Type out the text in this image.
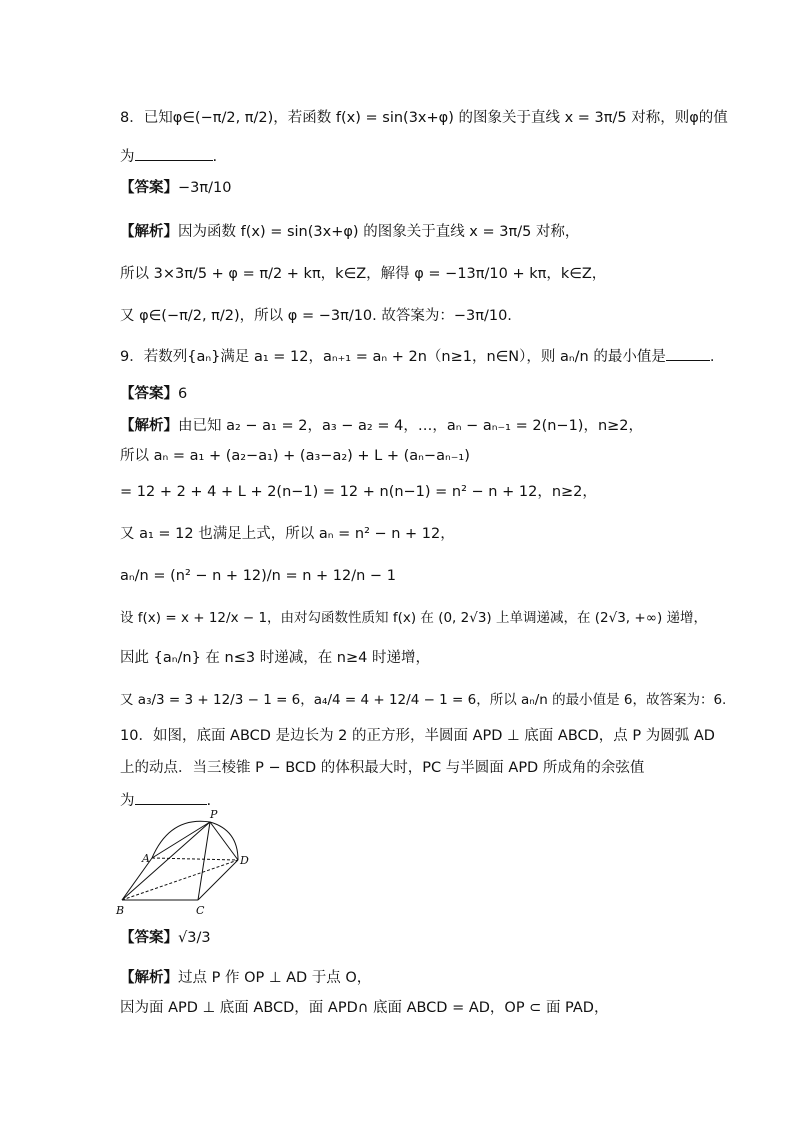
8．已知φ∈(−π/2, π/2)，若函数 f(x) = sin(3x+φ) 的图象关于直线 x = 3π/5 对称，则φ的值
为	.
【答案】−3π/10
【解析】因为函数 f(x) = sin(3x+φ) 的图象关于直线 x = 3π/5 对称，
所以 3×3π/5 + φ = π/2 + kπ，k∈Z，解得 φ = −13π/10 + kπ，k∈Z，
又 φ∈(−π/2, π/2)，所以 φ = −3π/10. 故答案为：−3π/10.
9．若数列{aₙ}满足 a₁ = 12，aₙ₊₁ = aₙ + 2n（n≥1，n∈N），则 aₙ/n 的最小值是	.
【答案】6
【解析】由已知 a₂ − a₁ = 2，a₃ − a₂ = 4，…，aₙ − aₙ₋₁ = 2(n−1)，n≥2，
所以 aₙ = a₁ + (a₂−a₁) + (a₃−a₂) + L + (aₙ−aₙ₋₁)
= 12 + 2 + 4 + L + 2(n−1) = 12 + n(n−1) = n² − n + 12，n≥2，
又 a₁ = 12 也满足上式，所以 aₙ = n² − n + 12，
aₙ/n = (n² − n + 12)/n = n + 12/n − 1
设 f(x) = x + 12/x − 1，由对勾函数性质知 f(x) 在 (0, 2√3) 上单调递减，在 (2√3, +∞) 递增，
因此 {aₙ/n} 在 n≤3 时递减，在 n≥4 时递增，
又 a₃/3 = 3 + 12/3 − 1 = 6，a₄/4 = 4 + 12/4 − 1 = 6，所以 aₙ/n 的最小值是 6，故答案为：6.
10．如图，底面 ABCD 是边长为 2 的正方形，半圆面 APD ⊥ 底面 ABCD，点 P 为圆弧 AD
上的动点．当三棱锥 P − BCD 的体积最大时，PC 与半圆面 APD 所成角的余弦值
为	.
P
A	D
B	C
【答案】√3/3
【解析】过点 P 作 OP ⊥ AD 于点 O，
因为面 APD ⊥ 底面 ABCD，面 APD∩ 底面 ABCD = AD，OP ⊂ 面 PAD，
